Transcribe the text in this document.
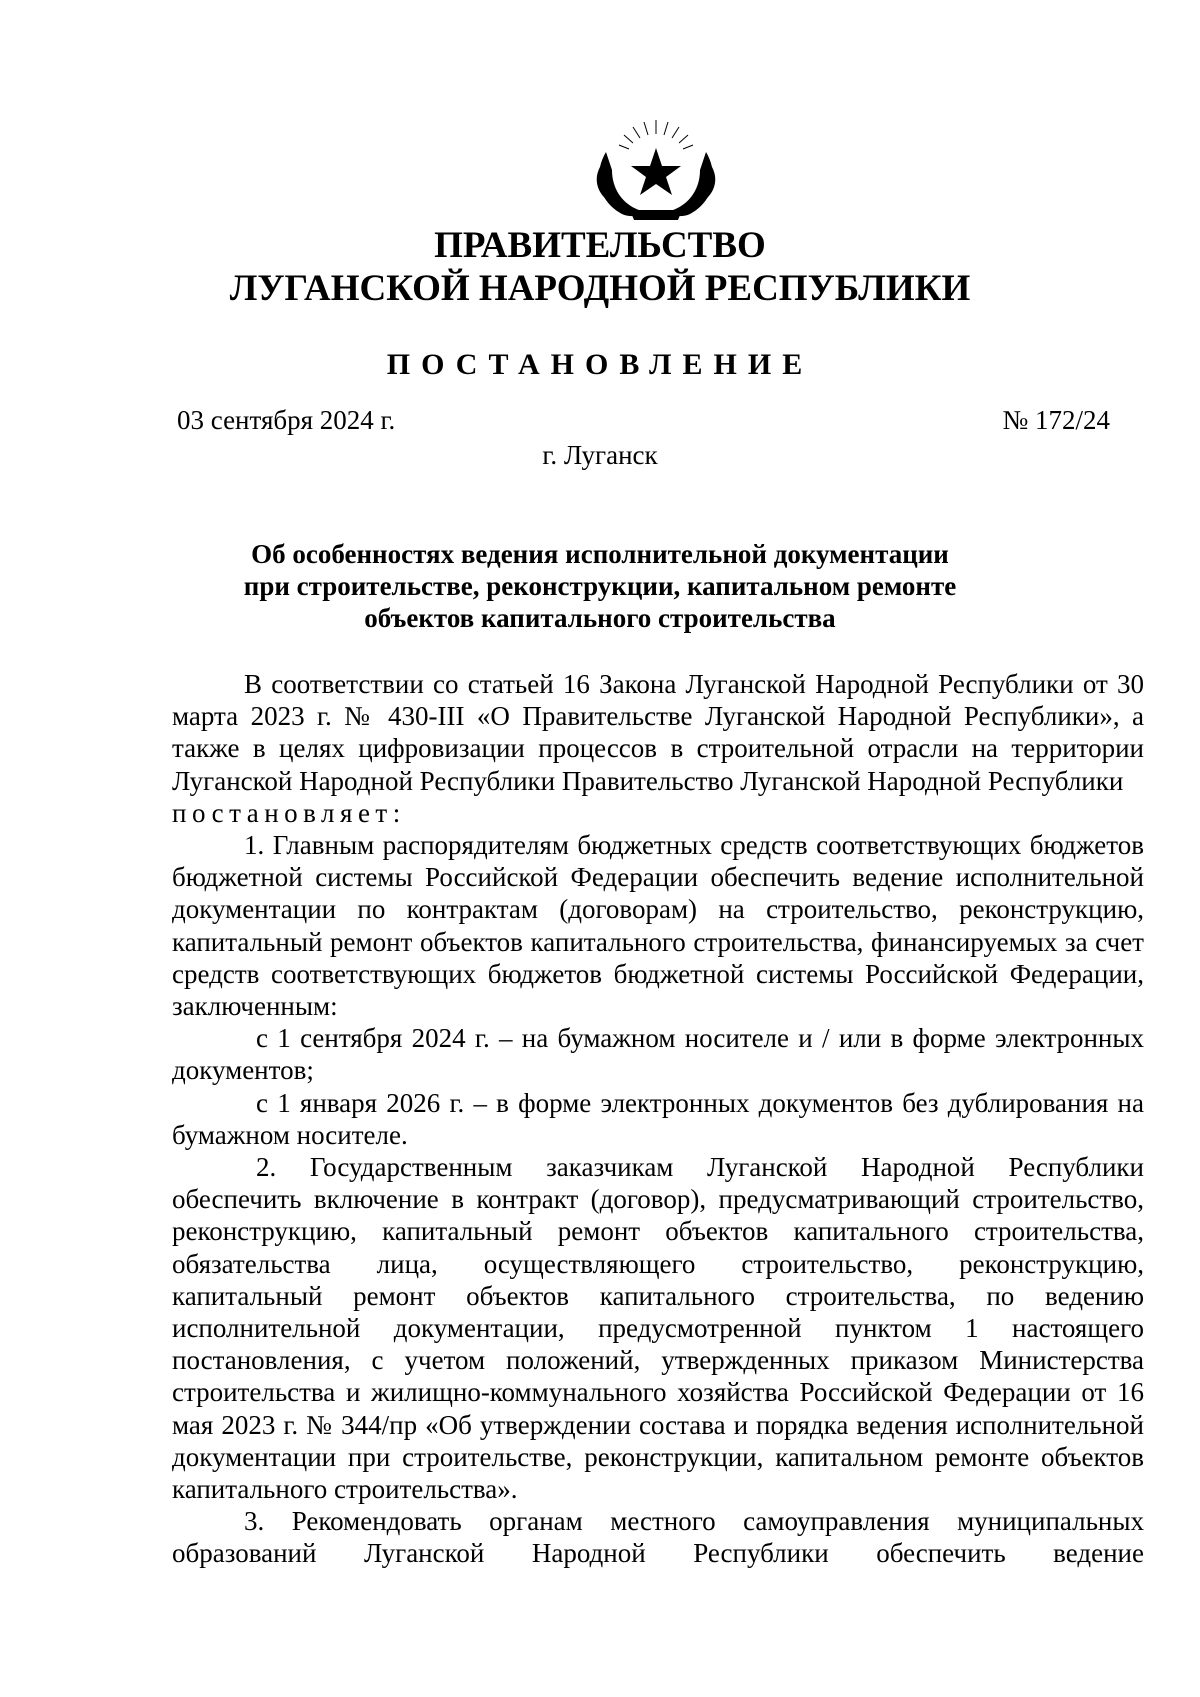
ПРАВИТЕЛЬСТВО
ЛУГАНСКОЙ НАРОДНОЙ РЕСПУБЛИКИ
ПОСТАНОВЛЕНИЕ
03 сентября 2024 г.	№ 172/24
г. Луганск
Об особенностях ведения исполнительной документации
при строительстве, реконструкции, капитальном ремонте
объектов капитального строительства

В соответствии со статьей 16 Закона Луганской Народной Республики от 30 марта 2023 г. № 430-III «О Правительстве Луганской Народной Республики», а также в целях цифровизации процессов в строительной отрасли на территории Луганской Народной Республики Правительство Луганской Народной Республики

постановляет:

1. Главным распорядителям бюджетных средств соответствующих бюджетов бюджетной системы Российской Федерации обеспечить ведение исполнительной документации по контрактам (договорам) на строительство, реконструкцию, капитальный ремонт объектов капитального строительства, финансируемых за счет средств соответствующих бюджетов бюджетной системы Российской Федерации, заключенным:

с 1 сентября 2024 г. – на бумажном носителе и / или в форме электронных документов;

с 1 января 2026 г. – в форме электронных документов без дублирования на бумажном носителе.

2. Государственным заказчикам Луганской Народной Республики обеспечить включение в контракт (договор), предусматривающий строительство, реконструкцию, капитальный ремонт объектов капитального строительства, обязательства лица, осуществляющего строительство, реконструкцию, капитальный ремонт объектов капитального строительства, по ведению исполнительной документации, предусмотренной пунктом 1 настоящего постановления, с учетом положений, утвержденных приказом Министерства строительства и жилищно-коммунального хозяйства Российской Федерации от 16 мая 2023 г. № 344/пр «Об утверждении состава и порядка ведения исполнительной документации при строительстве, реконструкции, капитальном ремонте объектов капитального строительства».

3. Рекомендовать органам местного самоуправления муниципальных образований Луганской Народной Республики обеспечить ведение
